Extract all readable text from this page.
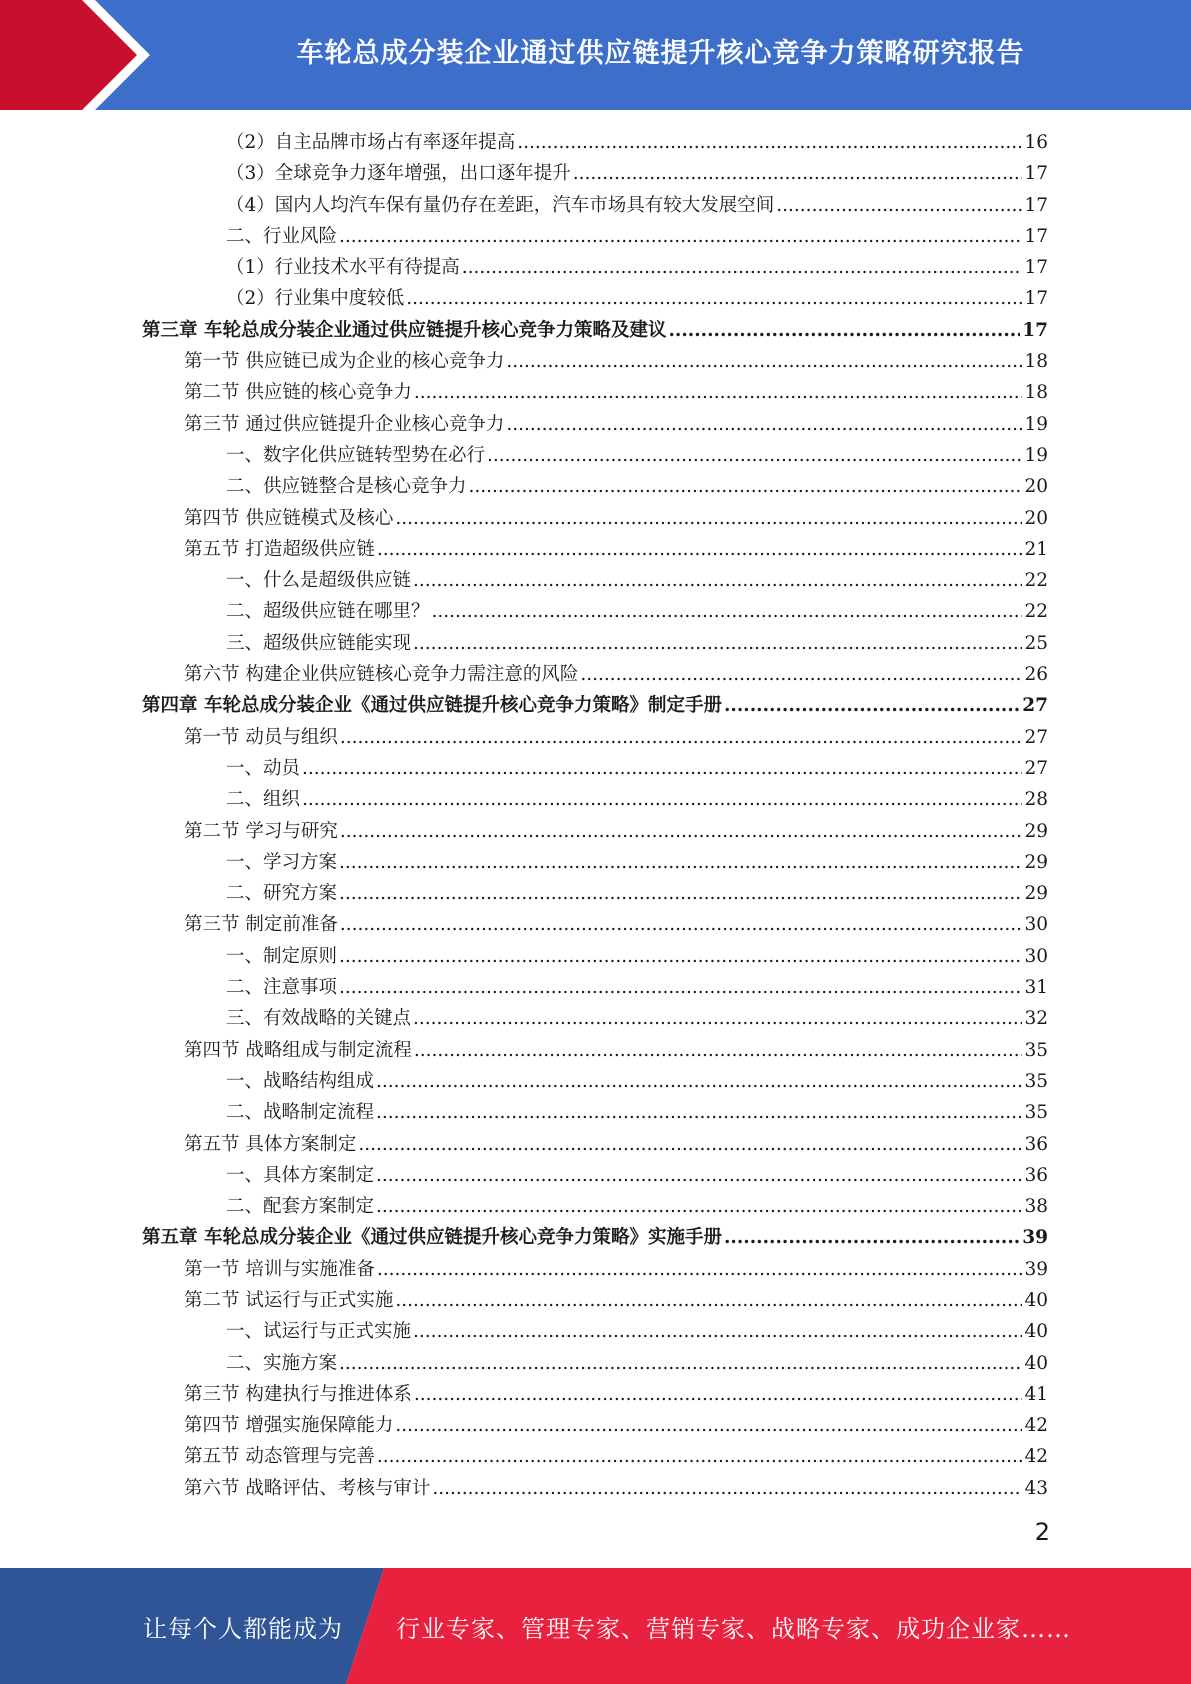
车轮总成分装企业通过供应链提升核心竞争力策略研究报告
（2）自主品牌市场占有率逐年提高 .....	16
（3）全球竞争力逐年增强，出口逐年提升 .....	17
（4）国内人均汽车保有量仍存在差距，汽车市场具有较大发展空间 .....	17
二、行业风险 .....	17
（1）行业技术水平有待提高 .....	17
（2）行业集中度较低 .....	17
第三章 车轮总成分装企业通过供应链提升核心竞争力策略及建议 .....	17
第一节 供应链已成为企业的核心竞争力 .....	18
第二节 供应链的核心竞争力 .....	18
第三节 通过供应链提升企业核心竞争力 .....	19
一、数字化供应链转型势在必行 .....	19
二、供应链整合是核心竞争力 .....	20
第四节 供应链模式及核心 .....	20
第五节 打造超级供应链 .....	21
一、什么是超级供应链 .....	22
二、超级供应链在哪里？ .....	22
三、超级供应链能实现 .....	25
第六节 构建企业供应链核心竞争力需注意的风险 .....	26
第四章 车轮总成分装企业《通过供应链提升核心竞争力策略》制定手册 .....	27
第一节 动员与组织 .....	27
一、动员 .....	27
二、组织 .....	28
第二节 学习与研究 .....	29
一、学习方案 .....	29
二、研究方案 .....	29
第三节 制定前准备 .....	30
一、制定原则 .....	30
二、注意事项 .....	31
三、有效战略的关键点 .....	32
第四节 战略组成与制定流程 .....	35
一、战略结构组成 .....	35
二、战略制定流程 .....	35
第五节 具体方案制定 .....	36
一、具体方案制定 .....	36
二、配套方案制定 .....	38
第五章 车轮总成分装企业《通过供应链提升核心竞争力策略》实施手册 .....	39
第一节 培训与实施准备 .....	39
第二节 试运行与正式实施 .....	40
一、试运行与正式实施 .....	40
二、实施方案 .....	40
第三节 构建执行与推进体系 .....	41
第四节 增强实施保障能力 .....	42
第五节 动态管理与完善 .....	42
第六节 战略评估、考核与审计 .....	43
2
让每个人都能成为 行业专家、管理专家、营销专家、战略专家、成功企业家……
